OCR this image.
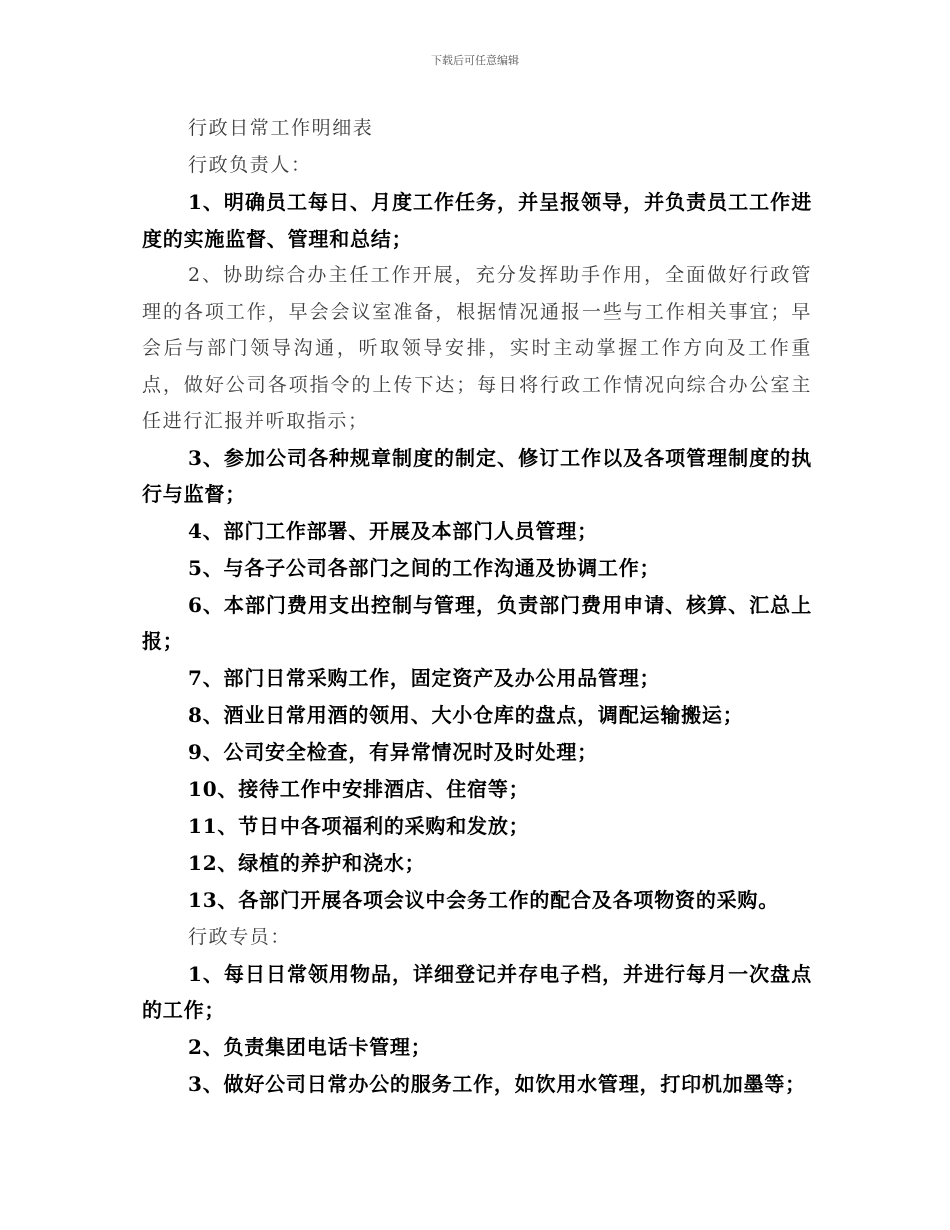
下载后可任意编辑

行政日常工作明细表

行政负责人：

1、明确员工每日、月度工作任务，并呈报领导，并负责员工工作进度的实施监督、管理和总结；

2、协助综合办主任工作开展，充分发挥助手作用，全面做好行政管理的各项工作，早会会议室准备，根据情况通报一些与工作相关事宜；早会后与部门领导沟通，听取领导安排，实时主动掌握工作方向及工作重点，做好公司各项指令的上传下达；每日将行政工作情况向综合办公室主任进行汇报并听取指示；

3、参加公司各种规章制度的制定、修订工作以及各项管理制度的执行与监督；

4、部门工作部署、开展及本部门人员管理；

5、与各子公司各部门之间的工作沟通及协调工作；

6、本部门费用支出控制与管理，负责部门费用申请、核算、汇总上报；

7、部门日常采购工作，固定资产及办公用品管理；

8、酒业日常用酒的领用、大小仓库的盘点，调配运输搬运；

9、公司安全检查，有异常情况时及时处理；

10、接待工作中安排酒店、住宿等；

11、节日中各项福利的采购和发放；

12、绿植的养护和浇水；

13、各部门开展各项会议中会务工作的配合及各项物资的采购。

行政专员：

1、每日日常领用物品，详细登记并存电子档，并进行每月一次盘点的工作；

2、负责集团电话卡管理；

3、做好公司日常办公的服务工作，如饮用水管理，打印机加墨等；
